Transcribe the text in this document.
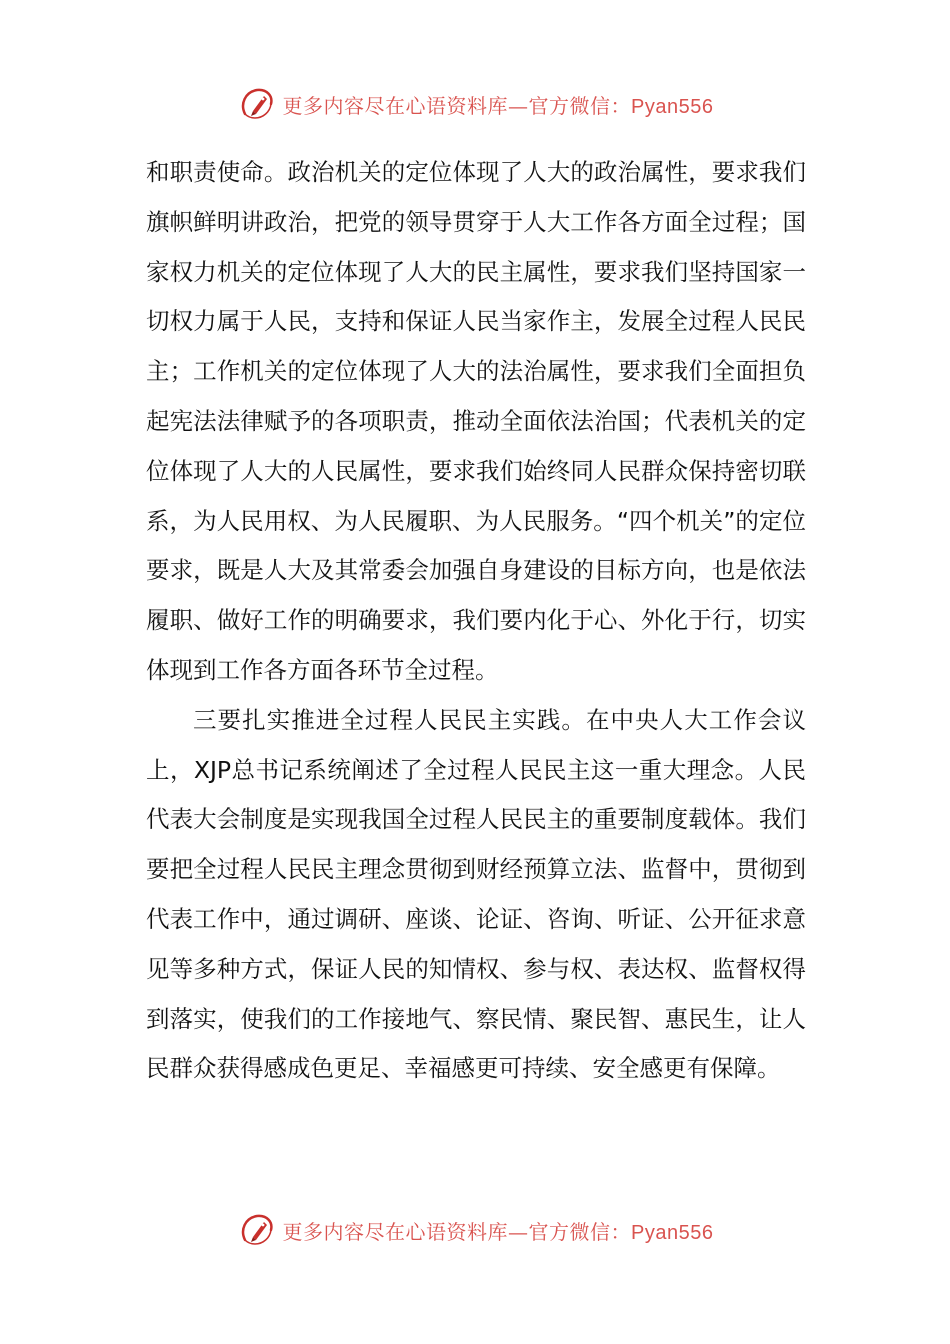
更多内容尽在心语资料库—官方微信：Pyan556

和职责使命。政治机关的定位体现了人大的政治属性，要求我们旗帜鲜明讲政治，把党的领导贯穿于人大工作各方面全过程；国家权力机关的定位体现了人大的民主属性，要求我们坚持国家一切权力属于人民，支持和保证人民当家作主，发展全过程人民民主；工作机关的定位体现了人大的法治属性，要求我们全面担负起宪法法律赋予的各项职责，推动全面依法治国；代表机关的定位体现了人大的人民属性，要求我们始终同人民群众保持密切联系，为人民用权、为人民履职、为人民服务。“四个机关”的定位要求，既是人大及其常委会加强自身建设的目标方向，也是依法履职、做好工作的明确要求，我们要内化于心、外化于行，切实体现到工作各方面各环节全过程。

三要扎实推进全过程人民民主实践。在中央人大工作会议上，XJP总书记系统阐述了全过程人民民主这一重大理念。人民代表大会制度是实现我国全过程人民民主的重要制度载体。我们要把全过程人民民主理念贯彻到财经预算立法、监督中，贯彻到代表工作中，通过调研、座谈、论证、咨询、听证、公开征求意见等多种方式，保证人民的知情权、参与权、表达权、监督权得到落实，使我们的工作接地气、察民情、聚民智、惠民生，让人民群众获得感成色更足、幸福感更可持续、安全感更有保障。

更多内容尽在心语资料库—官方微信：Pyan556
